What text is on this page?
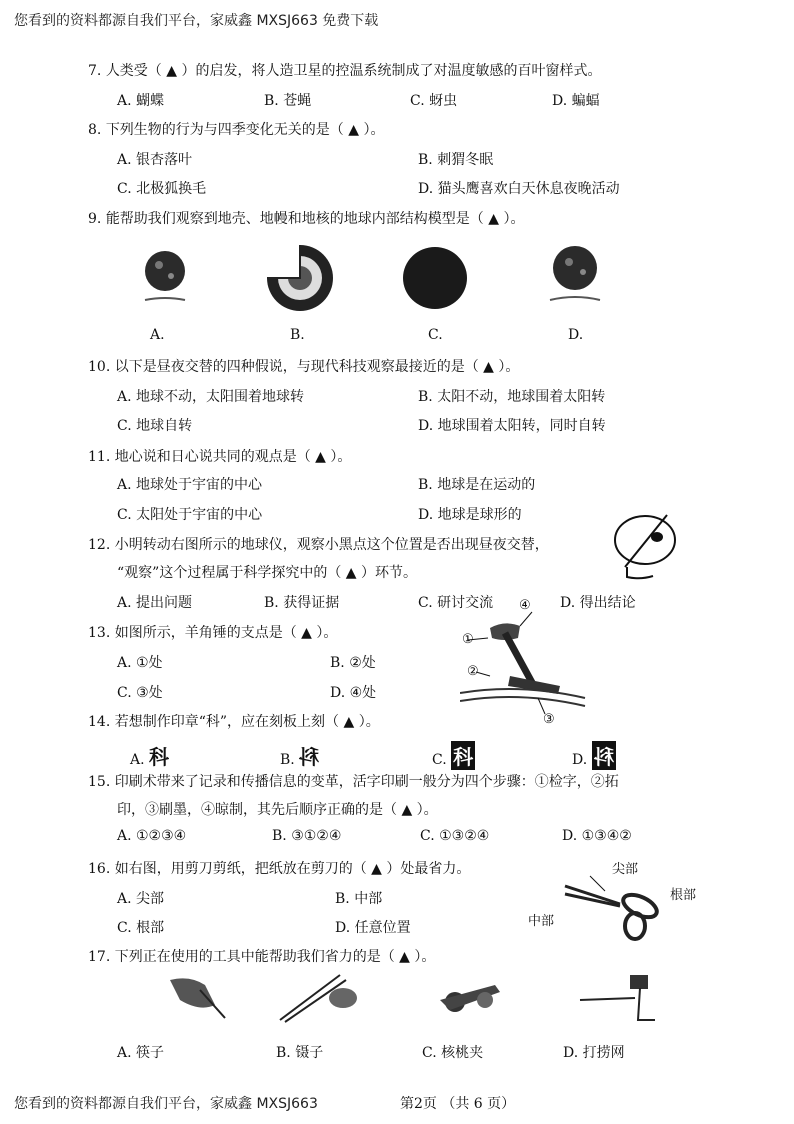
您看到的资料都源自我们平台，家威鑫 MXSJ663 免费下载
7. 人类受（ ▲ ）的启发，将人造卫星的控温系统制成了对温度敏感的百叶窗样式。
A. 蝴蝶	B. 苍蝇	C. 蚜虫	D. 蝙蝠
8. 下列生物的行为与四季变化无关的是（ ▲ ）。
A. 银杏落叶	B. 刺猬冬眠
C. 北极狐换毛	D. 猫头鹰喜欢白天休息夜晚活动
9. 能帮助我们观察到地壳、地幔和地核的地球内部结构模型是（ ▲ ）。
A.	B.	C.	D.
10. 以下是昼夜交替的四种假说，与现代科技观察最接近的是（ ▲ ）。
A. 地球不动，太阳围着地球转	B. 太阳不动，地球围着太阳转
C. 地球自转	D. 地球围着太阳转，同时自转
11. 地心说和日心说共同的观点是（ ▲ ）。
A. 地球处于宇宙的中心	B. 地球是在运动的
C. 太阳处于宇宙的中心	D. 地球是球形的
12. 小明转动右图所示的地球仪，观察小黑点这个位置是否出现昼夜交替，
“观察”这个过程属于科学探究中的（ ▲ ）环节。
A. 提出问题	B. 获得证据	C. 研讨交流	D. 得出结论
13. 如图所示，羊角锤的支点是（ ▲ ）。
A. ①处	B. ②处
C. ③处	D. ④处
④
①
②
③
14. 若想制作印章“科”，应在刻板上刻（ ▲ ）。
A. 科	B. 科	C. 科	D. 科
15. 印刷术带来了记录和传播信息的变革，活字印刷一般分为四个步骤：①检字，②拓
印，③刷墨，④晾制，其先后顺序正确的是（ ▲ ）。
A. ①②③④	B. ③①②④	C. ①③②④	D. ①③④②
16. 如右图，用剪刀剪纸，把纸放在剪刀的（ ▲ ）处最省力。
A. 尖部	B. 中部
C. 根部	D. 任意位置
尖部
根部
中部
17. 下列正在使用的工具中能帮助我们省力的是（ ▲ ）。
A. 筷子	B. 镊子	C. 核桃夹	D. 打捞网
您看到的资料都源自我们平台，家威鑫 MXSJ663	第2页 （共 6 页）
